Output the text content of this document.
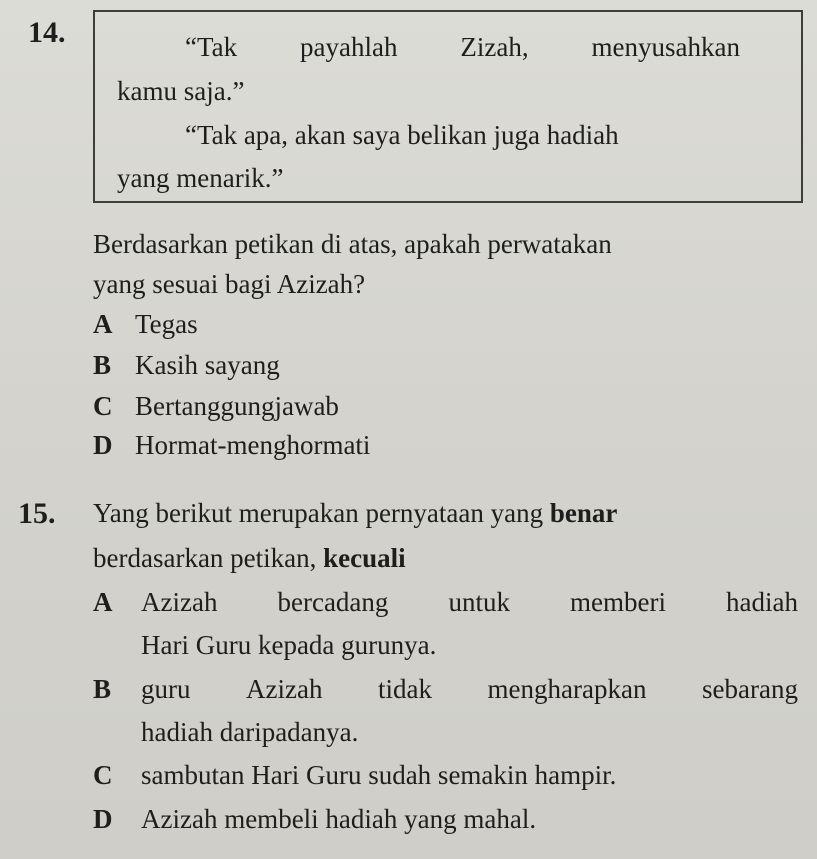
14.	“Tak payahlah Zizah, menyusahkan
kamu saja.”
“Tak apa, akan saya belikan juga hadiah
yang menarik.”
Berdasarkan petikan di atas, apakah perwatakan
yang sesuai bagi Azizah?
A Tegas
B Kasih sayang
C Bertanggungjawab
D Hormat-menghormati
15. Yang berikut merupakan pernyataan yang benar
berdasarkan petikan, kecuali
A	Azizah bercadang untuk memberi hadiah
Hari Guru kepada gurunya.
B	guru Azizah tidak mengharapkan sebarang
hadiah daripadanya.
C sambutan Hari Guru sudah semakin hampir.
D Azizah membeli hadiah yang mahal.
